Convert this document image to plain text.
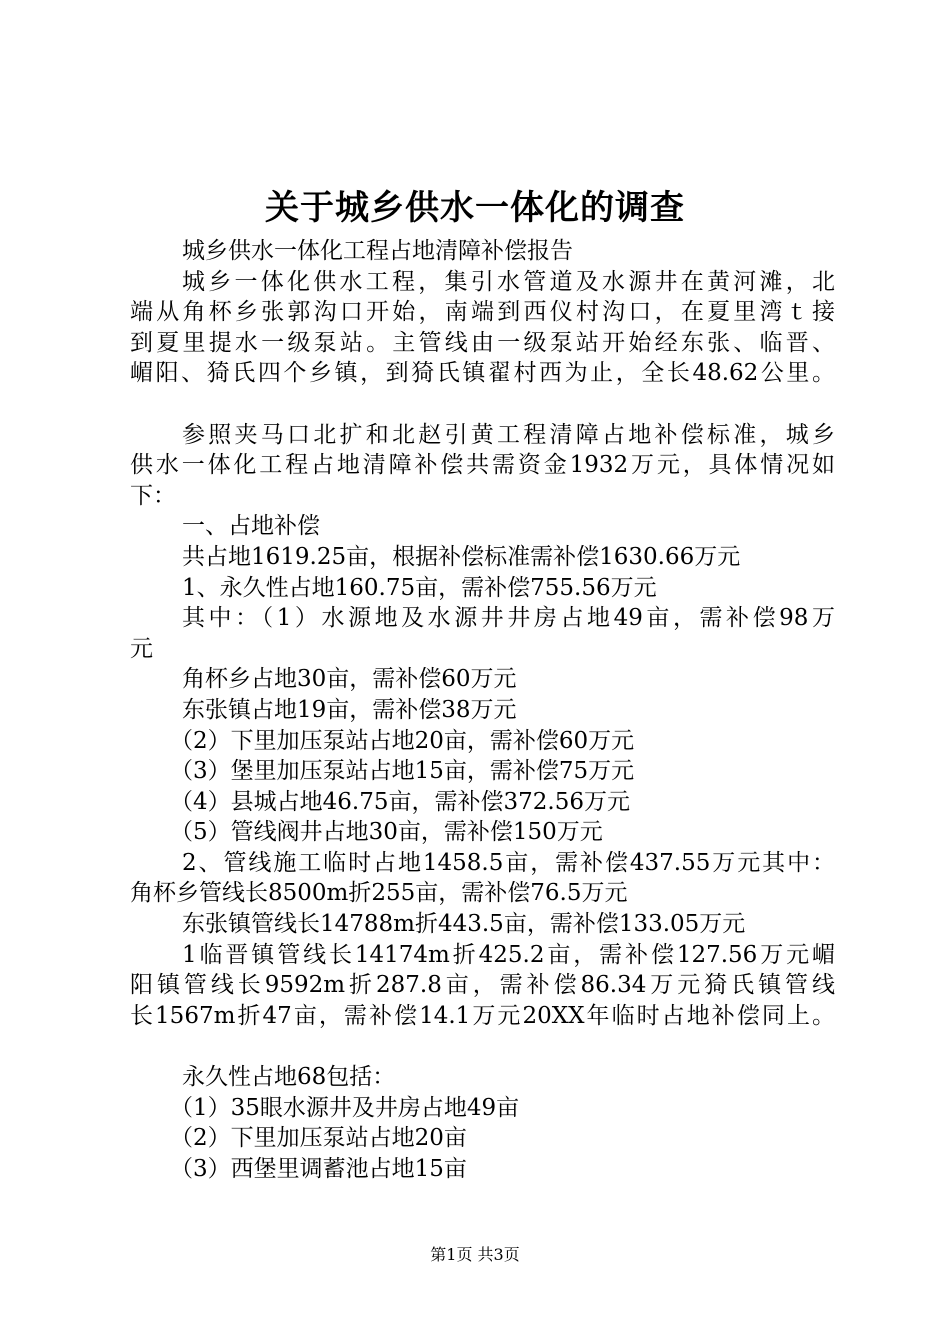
关于城乡供水一体化的调查
城乡供水一体化工程占地清障补偿报告
城乡一体化供水工程，集引水管道及水源井在黄河滩，北
端从角杯乡张郭沟口开始，南端到西仪村沟口，在夏里湾ｔ接
到夏里提水一级泵站。主管线由一级泵站开始经东张、临晋、
嵋阳、猗氏四个乡镇，到猗氏镇翟村西为止，全长48.62公里。
参照夹马口北扩和北赵引黄工程清障占地补偿标准，城乡
供水一体化工程占地清障补偿共需资金1932万元，具体情况如
下：
一、占地补偿
共占地1619.25亩，根据补偿标准需补偿1630.66万元
1、永久性占地160.75亩，需补偿755.56万元
其中：（1）水源地及水源井井房占地49亩，需补偿98万
元
角杯乡占地30亩，需补偿60万元
东张镇占地19亩，需补偿38万元
（2）下里加压泵站占地20亩，需补偿60万元
（3）堡里加压泵站占地15亩，需补偿75万元
（4）县城占地46.75亩，需补偿372.56万元
（5）管线阀井占地30亩，需补偿150万元
2、管线施工临时占地1458.5亩，需补偿437.55万元其中：
角杯乡管线长8500m折255亩，需补偿76.5万元
东张镇管线长14788m折443.5亩，需补偿133.05万元
1临晋镇管线长14174m折425.2亩，需补偿127.56万元嵋
阳镇管线长9592m折287.8亩，需补偿86.34万元猗氏镇管线
长1567m折47亩，需补偿14.1万元20XX年临时占地补偿同上。
永久性占地68包括：
（1）35眼水源井及井房占地49亩
（2）下里加压泵站占地20亩
（3）西堡里调蓄池占地15亩
第1页 共3页
